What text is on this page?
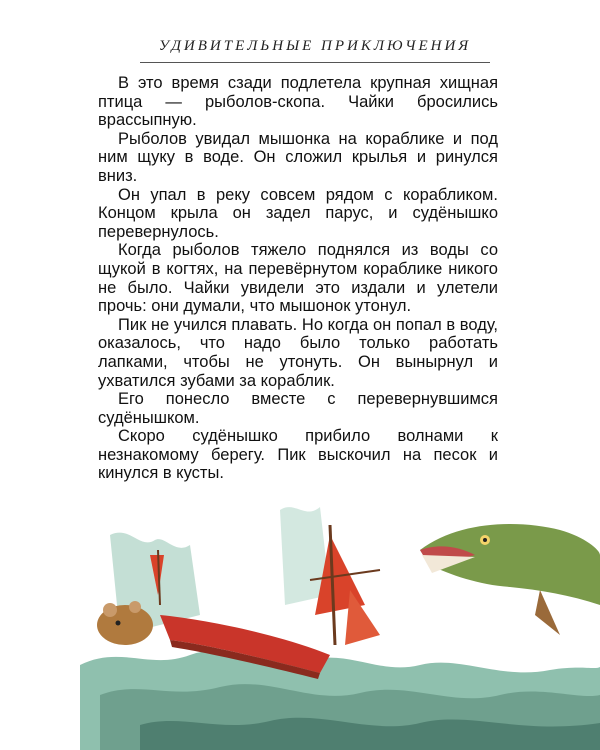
УДИВИТЕЛЬНЫЕ ПРИКЛЮЧЕНИЯ

В это время сзади подлетела крупная хищная птица — рыболов-скопа. Чайки бросились врассыпную.

Рыболов увидал мышонка на кораблике и под ним щуку в воде. Он сложил крылья и ринулся вниз.

Он упал в реку совсем рядом с корабликом. Концом крыла он задел парус, и судёнышко перевернулось.

Когда рыболов тяжело поднялся из воды со щукой в когтях, на перевёрнутом кораблике никого не было. Чайки увидели это издали и улетели прочь: они думали, что мышонок утонул.

Пик не учился плавать. Но когда он попал в воду, оказалось, что надо было только работать лапками, чтобы не утонуть. Он вынырнул и ухватился зубами за кораблик.

Его понесло вместе с перевернувшимся судёнышком.

Скоро судёнышко прибило волнами к незнакомому берегу. Пик выскочил на песок и кинулся в кусты.
